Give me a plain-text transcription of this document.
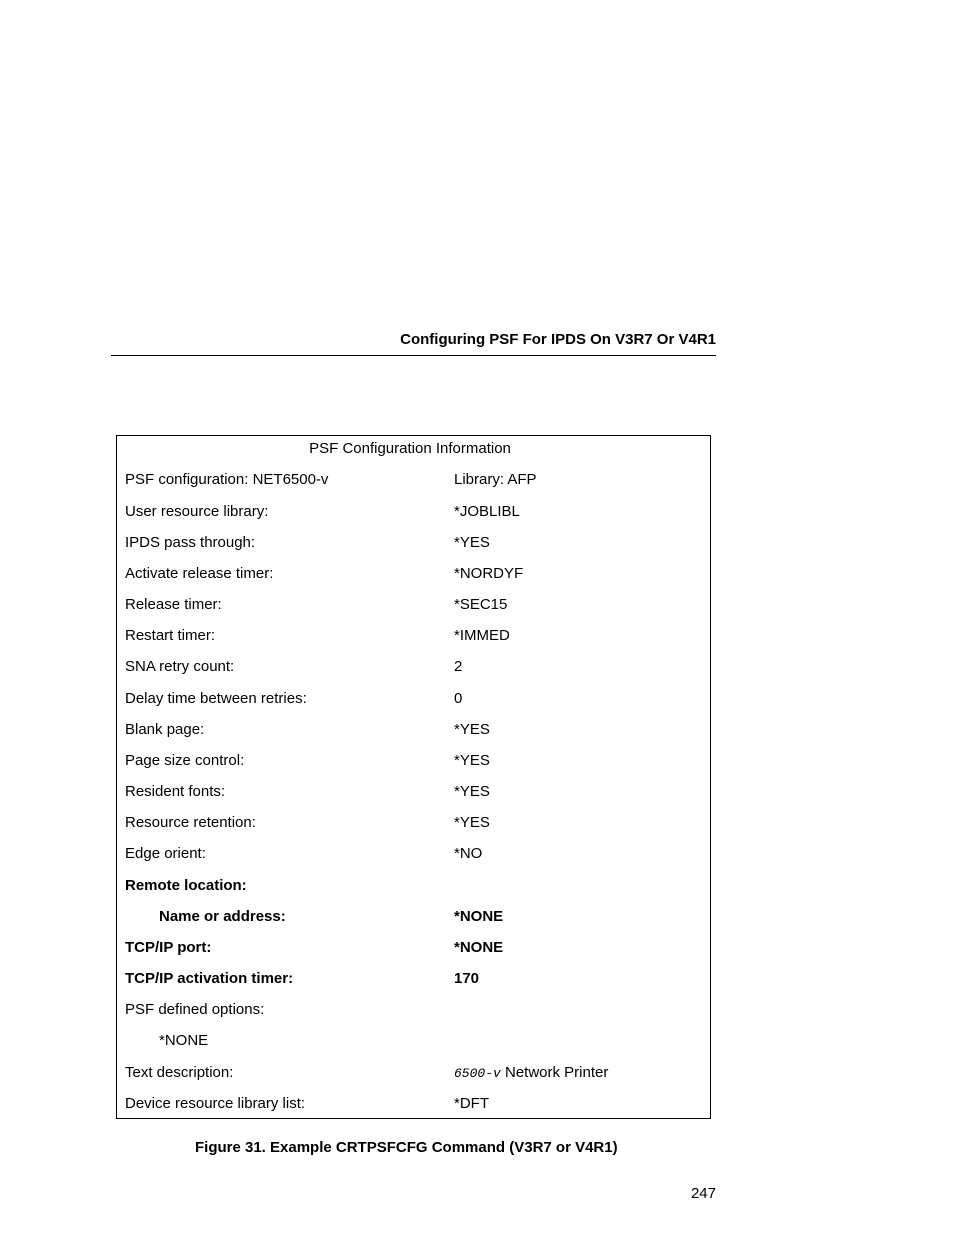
Configuring PSF For IPDS On V3R7 Or V4R1
PSF Configuration Information
PSF configuration: NET6500-v	Library: AFP
User resource library:	*JOBLIBL
IPDS pass through:	*YES
Activate release timer:	*NORDYF
Release timer:	*SEC15
Restart timer:	*IMMED
SNA retry count:	2
Delay time between retries:	0
Blank page:	*YES
Page size control:	*YES
Resident fonts:	*YES
Resource retention:	*YES
Edge orient:	*NO
Remote location:
Name or address:	*NONE
TCP/IP port:	*NONE
TCP/IP activation timer:	170
PSF defined options:
*NONE
Text description:	6500-v Network Printer
Device resource library list:	*DFT
Figure 31. Example CRTPSFCFG Command (V3R7 or V4R1)
247
